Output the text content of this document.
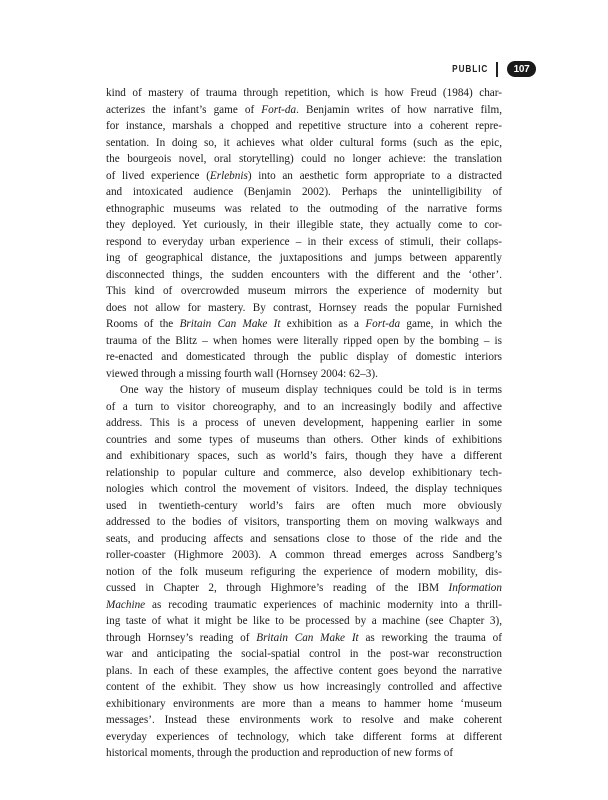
PUBLIC	107
kind of mastery of trauma through repetition, which is how Freud (1984) char-
acterizes the infant’s game of Fort-da. Benjamin writes of how narrative film,
for instance, marshals a chopped and repetitive structure into a coherent repre-
sentation. In doing so, it achieves what older cultural forms (such as the epic,
the bourgeois novel, oral storytelling) could no longer achieve: the translation
of lived experience (Erlebnis) into an aesthetic form appropriate to a distracted
and intoxicated audience (Benjamin 2002). Perhaps the unintelligibility of
ethnographic museums was related to the outmoding of the narrative forms
they deployed. Yet curiously, in their illegible state, they actually come to cor-
respond to everyday urban experience – in their excess of stimuli, their collaps-
ing of geographical distance, the juxtapositions and jumps between apparently
disconnected things, the sudden encounters with the different and the ‘other’.
This kind of overcrowded museum mirrors the experience of modernity but
does not allow for mastery. By contrast, Hornsey reads the popular Furnished
Rooms of the Britain Can Make It exhibition as a Fort-da game, in which the
trauma of the Blitz – when homes were literally ripped open by the bombing – is
re-enacted and domesticated through the public display of domestic interiors
viewed through a missing fourth wall (Hornsey 2004: 62–3).
One way the history of museum display techniques could be told is in terms
of a turn to visitor choreography, and to an increasingly bodily and affective
address. This is a process of uneven development, happening earlier in some
countries and some types of museums than others. Other kinds of exhibitions
and exhibitionary spaces, such as world’s fairs, though they have a different
relationship to popular culture and commerce, also develop exhibitionary tech-
nologies which control the movement of visitors. Indeed, the display techniques
used in twentieth-century world’s fairs are often much more obviously
addressed to the bodies of visitors, transporting them on moving walkways and
seats, and producing affects and sensations close to those of the ride and the
roller-coaster (Highmore 2003). A common thread emerges across Sandberg’s
notion of the folk museum refiguring the experience of modern mobility, dis-
cussed in Chapter 2, through Highmore’s reading of the IBM Information
Machine as recoding traumatic experiences of machinic modernity into a thrill-
ing taste of what it might be like to be processed by a machine (see Chapter 3),
through Hornsey’s reading of Britain Can Make It as reworking the trauma of
war and anticipating the social-spatial control in the post-war reconstruction
plans. In each of these examples, the affective content goes beyond the narrative
content of the exhibit. They show us how increasingly controlled and affective
exhibitionary environments are more than a means to hammer home ‘museum
messages’. Instead these environments work to resolve and make coherent
everyday experiences of technology, which take different forms at different
historical moments, through the production and reproduction of new forms of
